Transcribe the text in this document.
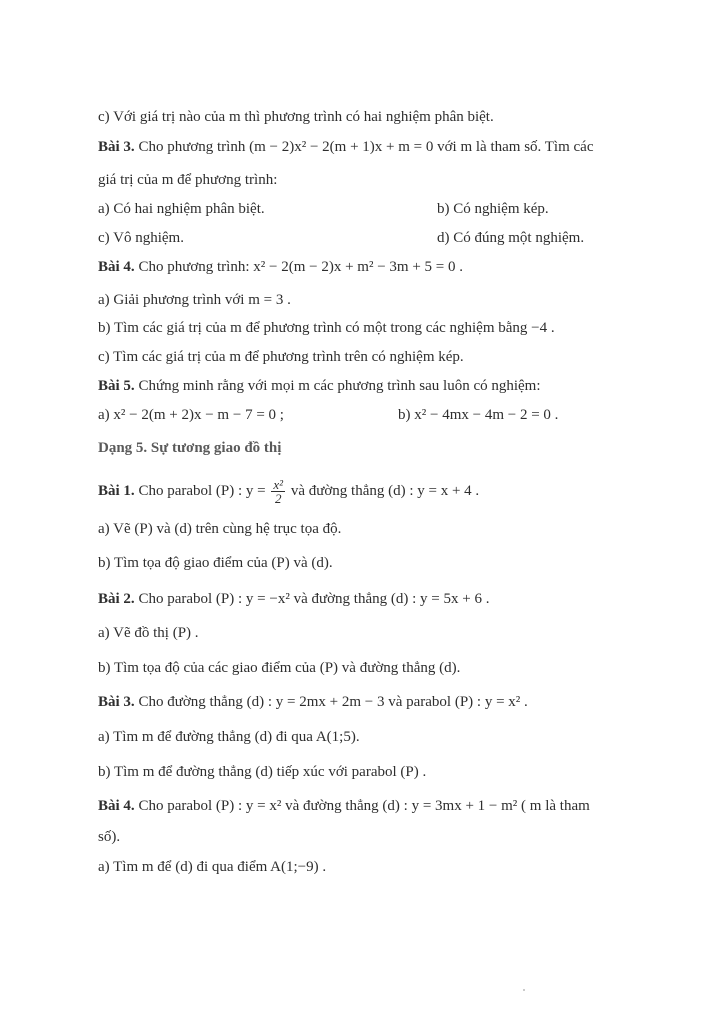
c) Với giá trị nào của m thì phương trình có hai nghiệm phân biệt.
Bài 3. Cho phương trình (m − 2)x² − 2(m + 1)x + m = 0 với m là tham số. Tìm các
giá trị của m để phương trình:
a) Có hai nghiệm phân biệt.	b) Có nghiệm kép.
c) Vô nghiệm.	d) Có đúng một nghiệm.
Bài 4. Cho phương trình: x² − 2(m − 2)x + m² − 3m + 5 = 0 .
a) Giải phương trình với m = 3 .
b) Tìm các giá trị của m để phương trình có một trong các nghiệm bằng −4 .
c) Tìm các giá trị của m để phương trình trên có nghiệm kép.
Bài 5. Chứng minh rằng với mọi m các phương trình sau luôn có nghiệm:
a) x² − 2(m + 2)x − m − 7 = 0 ;	b) x² − 4mx − 4m − 2 = 0 .
Dạng 5. Sự tương giao đồ thị
Bài 1. Cho parabol (P) : $y = \frac{\text{x²}}{2}$ và đường thẳng (d) : y = x + 4 .
a) Vẽ (P) và (d) trên cùng hệ trục tọa độ.
b) Tìm tọa độ giao điểm của (P) và (d).
Bài 2. Cho parabol (P) : y = −x² và đường thẳng (d) : y = 5x + 6 .
a) Vẽ đồ thị (P) .
b) Tìm tọa độ của các giao điểm của (P) và đường thẳng (d).
Bài 3. Cho đường thẳng (d) : y = 2mx + 2m − 3 và parabol (P) : y = x² .
a) Tìm m để đường thẳng (d) đi qua A(1;5).
b) Tìm m để đường thẳng (d) tiếp xúc với parabol (P) .
Bài 4. Cho parabol (P) : y = x² và đường thẳng (d) : y = 3mx + 1 − m² ( m là tham
số).
a) Tìm m để (d) đi qua điểm A(1;−9) .
